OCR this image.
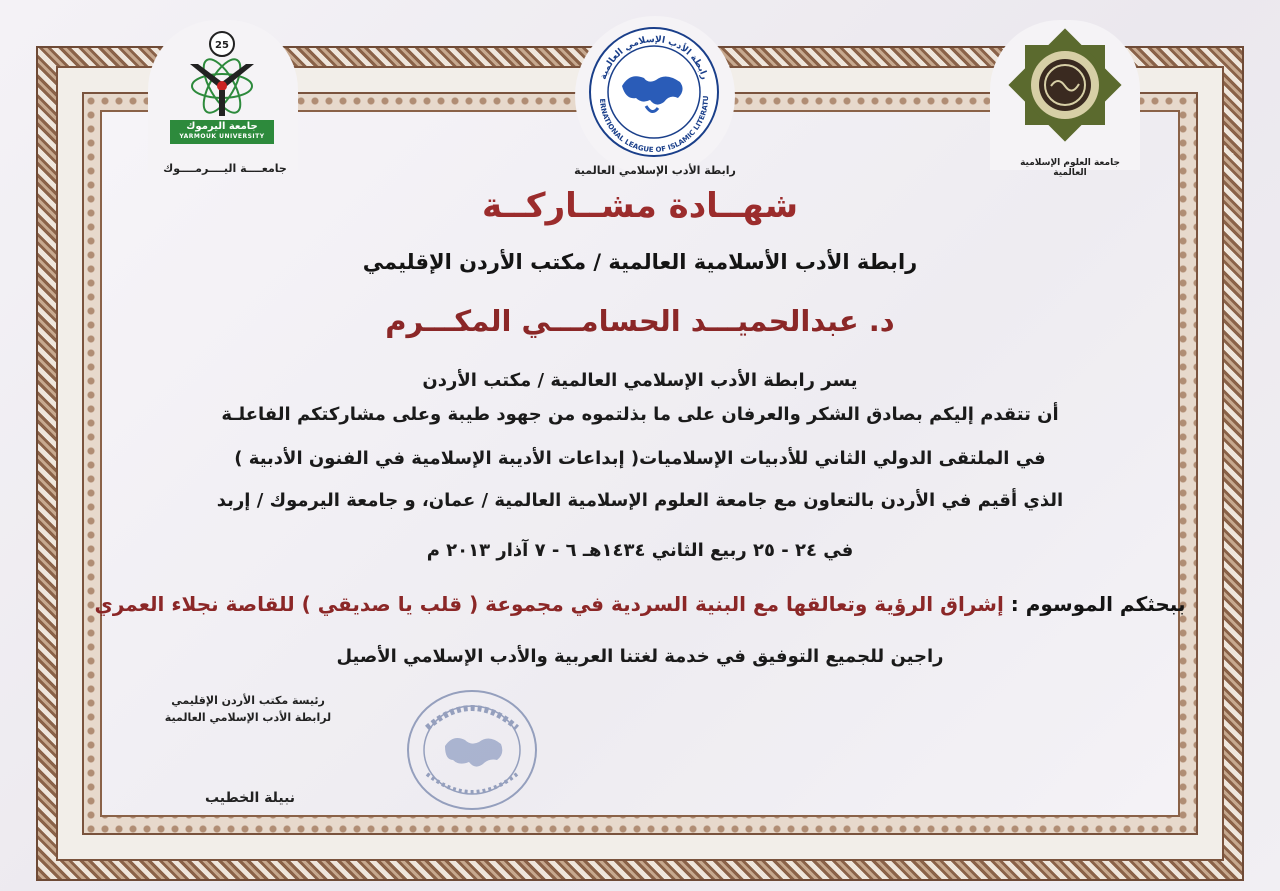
25
جامعة اليرموك
YARMOUK UNIVERSITY
جامعــــة اليــــرمــــوك
رابطة الأدب الإسلامي العالمية
ERNATIONAL LEAGUE OF ISLAMIC LITERATU
رابطة الأدب الإسلامي العالمية
جامعة العلوم الإسلامية العالمية
شهــادة مشــاركــة
رابطة الأدب الأسلامية العالمية / مكتب الأردن الإقليمي
د. عبدالحميـــد الحسامـــي المكـــرم
يسر رابطة الأدب الإسلامي العالمية / مكتب الأردن
أن تتقدم إليكم بصادق الشكر والعرفان على ما بذلتموه من جهود طيبة وعلى مشاركتكم الفاعلـة
في الملتقى الدولي الثاني للأدبيات الإسلاميات( إبداعات الأديبة الإسلامية في الفنون الأدبية )
الذي أقيم في الأردن بالتعاون مع جامعة العلوم الإسلامية العالمية / عمان، و جامعة اليرموك / إربد
في ٢٤ - ٢٥ ربيع الثاني ١٤٣٤هـ ٦ - ٧ آذار ٢٠١٣ م
ببحثكم الموسوم : إشراق الرؤية وتعالقها مع البنية السردية في مجموعة ( قلب يا صديقي ) للقاصة نجلاء العمري
راجين للجميع التوفيق في خدمة لغتنا العربية والأدب الإسلامي الأصيل
رئيسة مكتب الأردن الإقليمي
لرابطة الأدب الإسلامي العالمية
نبيلة الخطيب
